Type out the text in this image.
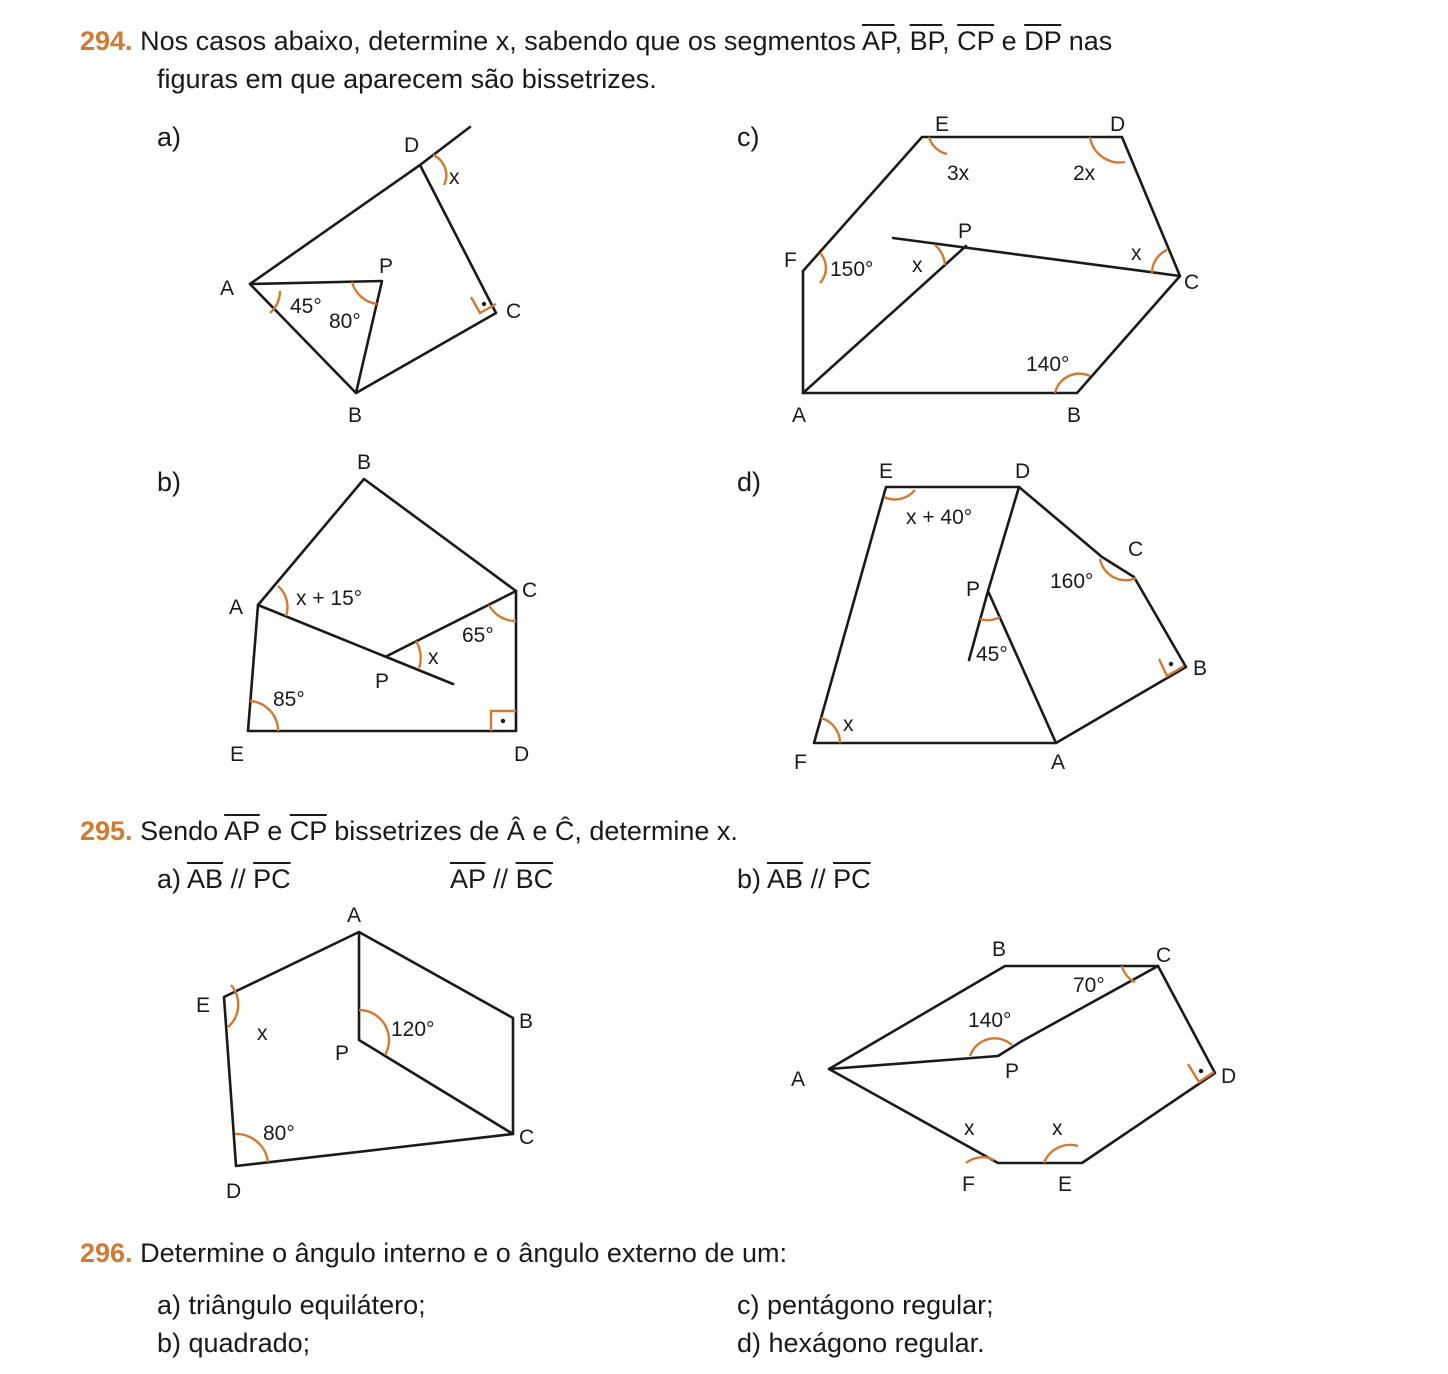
294. Nos casos abaixo, determine x, sabendo que os segmentos $\overline{AP}$, $\overline{BP}$, $\overline{CP}$ e $\overline{DP}$ nas
figuras em que aparecem são bissetrizes.
a)	c)
b)	d)
295. Sendo $\overline{AP}$ e $\overline{CP}$ bissetrizes de Â e Ĉ, determine x.
a) $\overline{AB} // \overline{PC}$	$\overline{AP} // \overline{BC}$	b) $\overline{AB} // \overline{PC}$
296. Determine o ângulo interno e o ângulo externo de um:
a) triângulo equilátero;
b) quadrado;
c) pentágono regular;
d) hexágono regular.
D
A
P
C
B
x
45°
80°
E	D
F
P
C
A	B
3x	2x
150° x
x
140°
B
A
C
P
E	D
x + 15°
65°
x
85°
E	D
C
P
B
F	A
x + 40°
160°
45°
x
A
E
B
P
C
D
x	120°
80°
B	C
A	P	D
F	E
70°
140°
x	x
